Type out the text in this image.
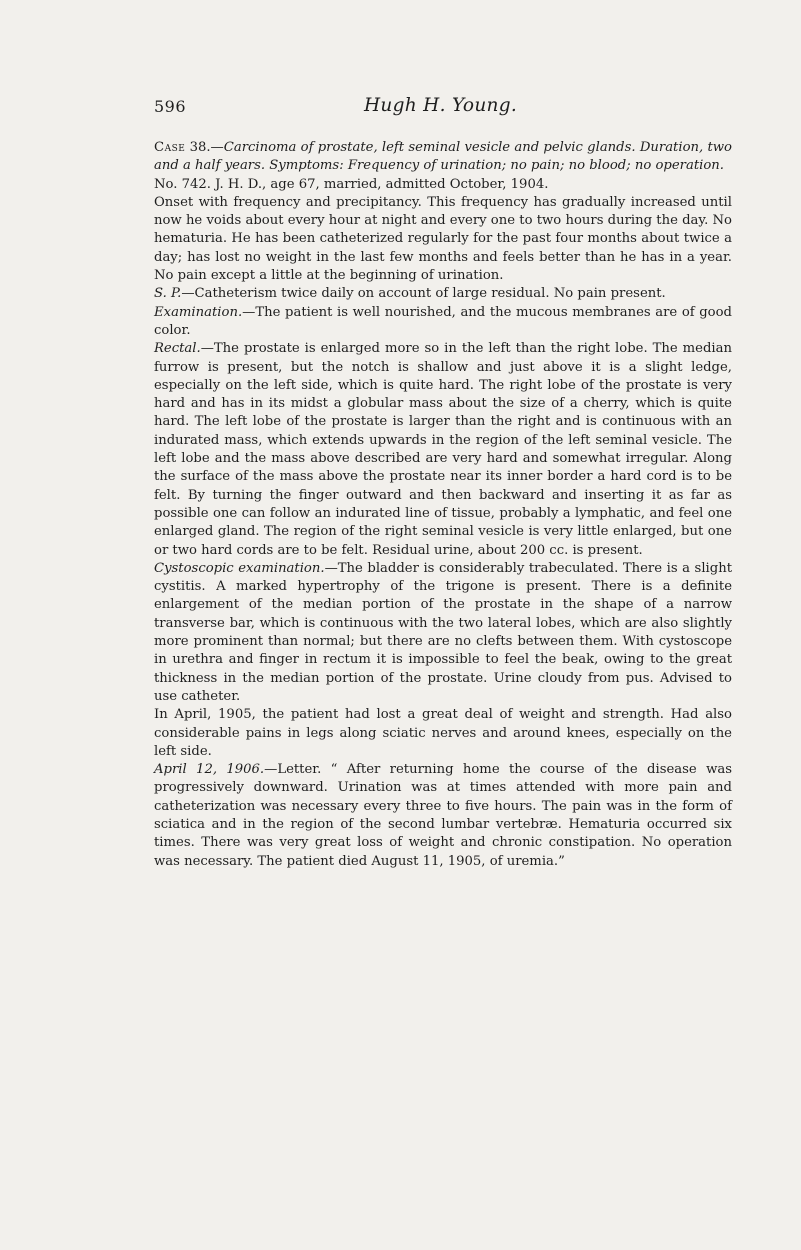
596	Hugh H. Young.

Case 38.—Carcinoma of prostate, left seminal vesicle and pelvic glands. Duration, two and a half years. Symptoms: Frequency of urination; no pain; no blood; no operation.

No. 742. J. H. D., age 67, married, admitted October, 1904.

Onset with frequency and precipitancy. This frequency has gradually increased until now he voids about every hour at night and every one to two hours during the day. No hematuria. He has been catheterized regularly for the past four months about twice a day; has lost no weight in the last few months and feels better than he has in a year. No pain except a little at the beginning of urination.

S. P.—Catheterism twice daily on account of large residual. No pain present.

Examination.—The patient is well nourished, and the mucous membranes are of good color.

Rectal.—The prostate is enlarged more so in the left than the right lobe. The median furrow is present, but the notch is shallow and just above it is a slight ledge, especially on the left side, which is quite hard. The right lobe of the prostate is very hard and has in its midst a globular mass about the size of a cherry, which is quite hard. The left lobe of the prostate is larger than the right and is continuous with an indurated mass, which extends upwards in the region of the left seminal vesicle. The left lobe and the mass above described are very hard and somewhat irregular. Along the surface of the mass above the prostate near its inner border a hard cord is to be felt. By turning the finger outward and then backward and inserting it as far as possible one can follow an indurated line of tissue, probably a lymphatic, and feel one enlarged gland. The region of the right seminal vesicle is very little enlarged, but one or two hard cords are to be felt. Residual urine, about 200 cc. is present.

Cystoscopic examination.—The bladder is considerably trabeculated. There is a slight cystitis. A marked hypertrophy of the trigone is present. There is a definite enlargement of the median portion of the prostate in the shape of a narrow transverse bar, which is continuous with the two lateral lobes, which are also slightly more prominent than normal; but there are no clefts between them. With cystoscope in urethra and finger in rectum it is impossible to feel the beak, owing to the great thickness in the median portion of the prostate. Urine cloudy from pus. Advised to use catheter.

In April, 1905, the patient had lost a great deal of weight and strength. Had also considerable pains in legs along sciatic nerves and around knees, especially on the left side.

April 12, 1906.—Letter. “ After returning home the course of the disease was progressively downward. Urination was at times attended with more pain and catheterization was necessary every three to five hours. The pain was in the form of sciatica and in the region of the second lumbar vertebræ. Hematuria occurred six times. There was very great loss of weight and chronic constipation. No operation was necessary. The patient died August 11, 1905, of uremia.”
